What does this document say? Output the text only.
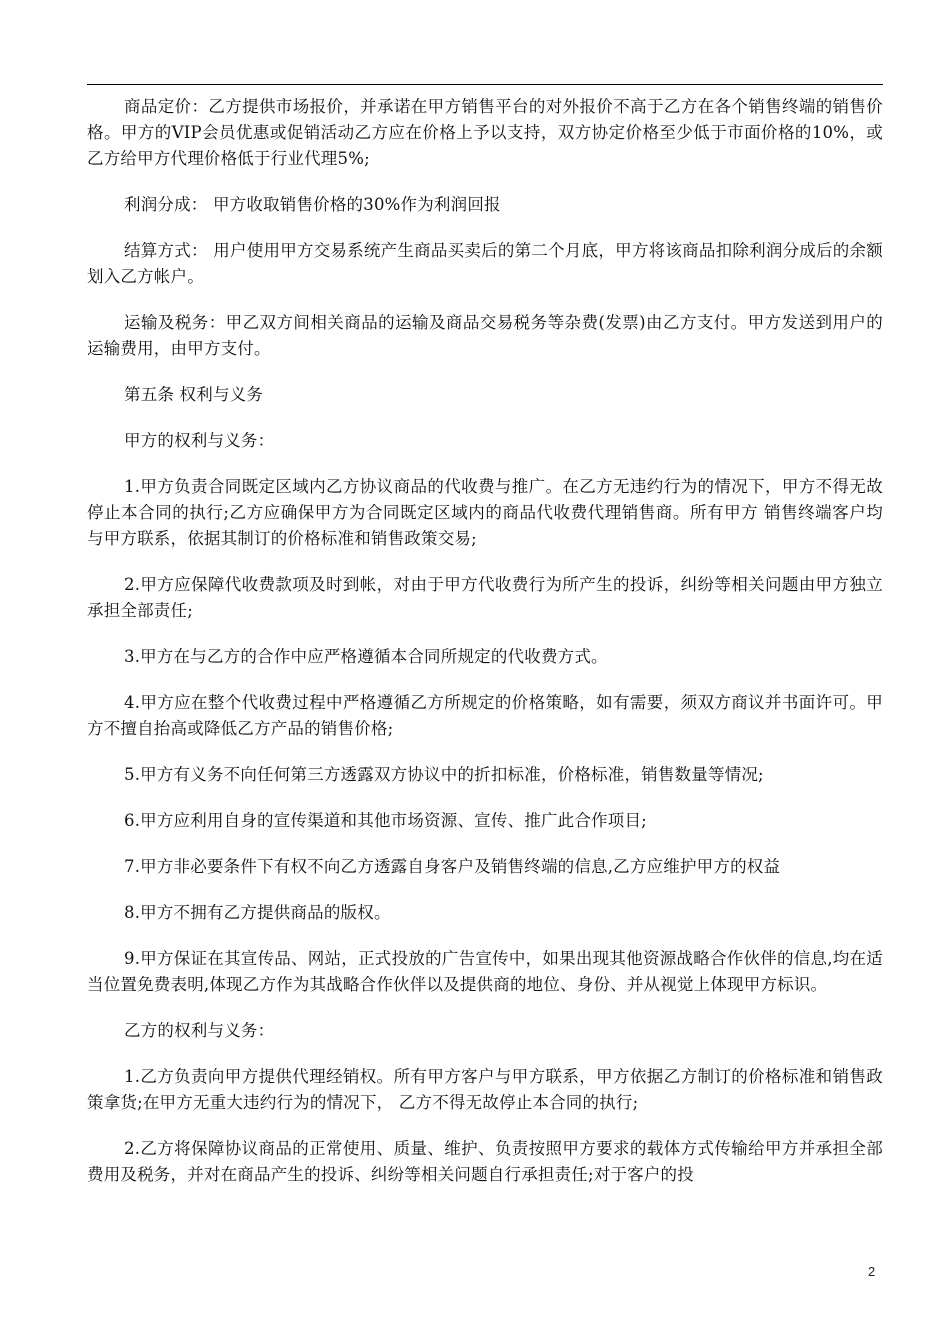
商品定价：乙方提供市场报价，并承诺在甲方销售平台的对外报价不高于乙方在各个销售终端的销售价格。甲方的VIP会员优惠或促销活动乙方应在价格上予以支持，双方协定价格至少低于市面价格的10%，或乙方给甲方代理价格低于行业代理5%;

利润分成： 甲方收取销售价格的30%作为利润回报

结算方式： 用户使用甲方交易系统产生商品买卖后的第二个月底，甲方将该商品扣除利润分成后的余额划入乙方帐户。

运输及税务：甲乙双方间相关商品的运输及商品交易税务等杂费(发票)由乙方支付。甲方发送到用户的运输费用，由甲方支付。

第五条 权利与义务

甲方的权利与义务：

1.甲方负责合同既定区域内乙方协议商品的代收费与推广。在乙方无违约行为的情况下，甲方不得无故停止本合同的执行;乙方应确保甲方为合同既定区域内的商品代收费代理销售商。所有甲方 销售终端客户均与甲方联系，依据其制订的价格标准和销售政策交易;

2.甲方应保障代收费款项及时到帐，对由于甲方代收费行为所产生的投诉，纠纷等相关问题由甲方独立承担全部责任;

3.甲方在与乙方的合作中应严格遵循本合同所规定的代收费方式。

4.甲方应在整个代收费过程中严格遵循乙方所规定的价格策略，如有需要，须双方商议并书面许可。甲方不擅自抬高或降低乙方产品的销售价格;

5.甲方有义务不向任何第三方透露双方协议中的折扣标准，价格标准，销售数量等情况;

6.甲方应利用自身的宣传渠道和其他市场资源、宣传、推广此合作项目;

7.甲方非必要条件下有权不向乙方透露自身客户及销售终端的信息,乙方应维护甲方的权益

8.甲方不拥有乙方提供商品的版权。

9.甲方保证在其宣传品、网站，正式投放的广告宣传中，如果出现其他资源战略合作伙伴的信息,均在适当位置免费表明,体现乙方作为其战略合作伙伴以及提供商的地位、身份、并从视觉上体现甲方标识。

乙方的权利与义务：

1.乙方负责向甲方提供代理经销权。所有甲方客户与甲方联系，甲方依据乙方制订的价格标准和销售政策拿货;在甲方无重大违约行为的情况下， 乙方不得无故停止本合同的执行;

2.乙方将保障协议商品的正常使用、质量、维护、负责按照甲方要求的载体方式传输给甲方并承担全部费用及税务，并对在商品产生的投诉、纠纷等相关问题自行承担责任;对于客户的投

2
